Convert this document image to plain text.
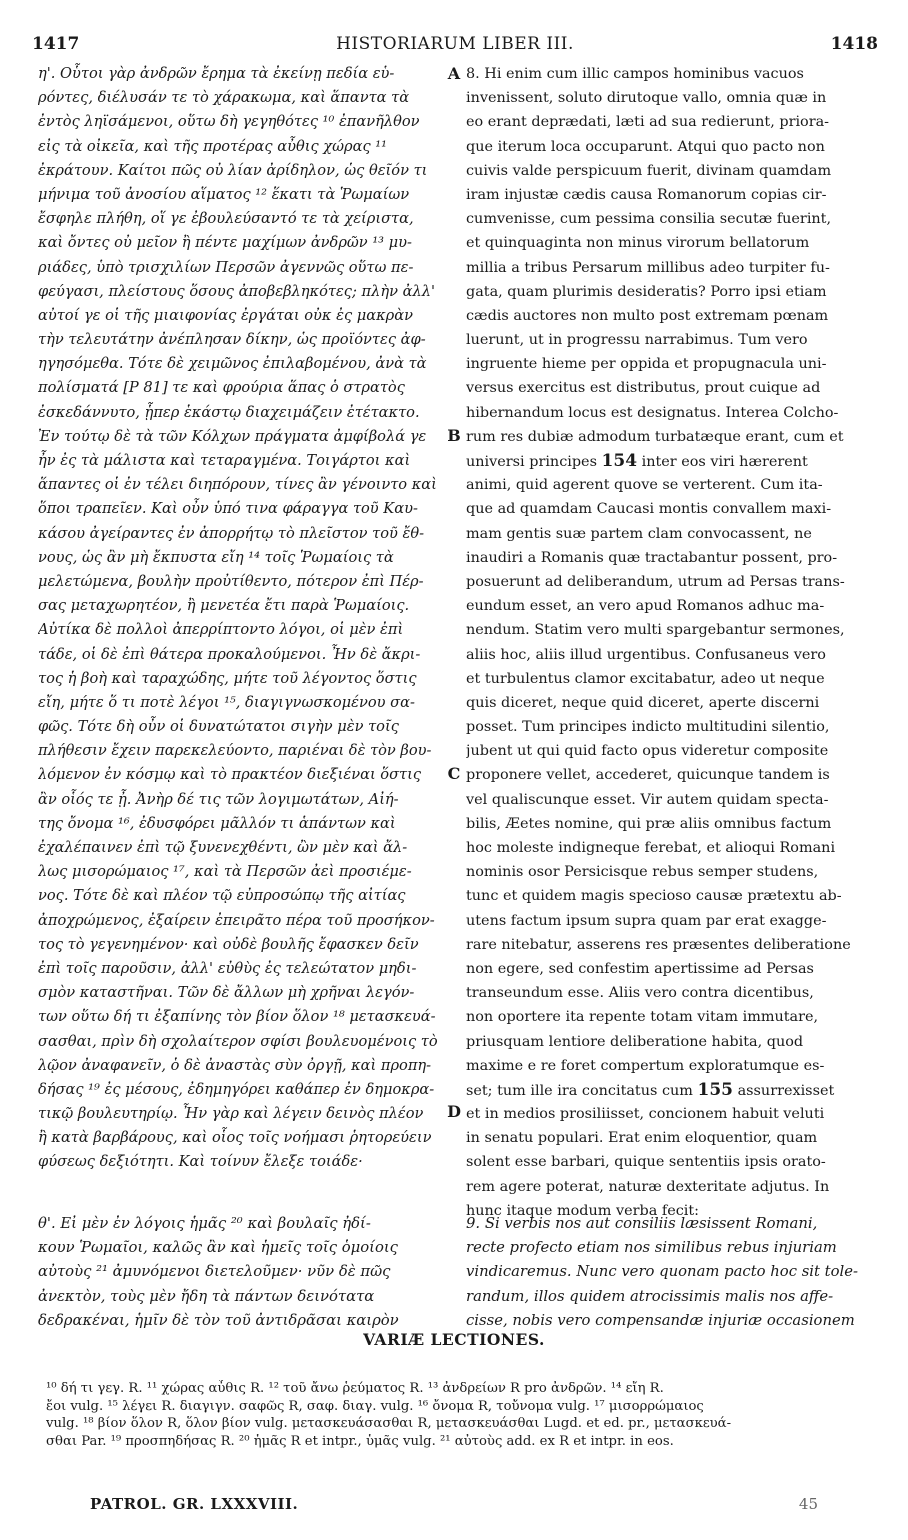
1417	HISTORIARUM LIBER III.	1418
η'. Οὗτοι γὰρ ἀνδρῶν ἔρημα τὰ ἐκείνῃ πεδία εὑ-
ρόντες, διέλυσάν τε τὸ χάρακωμα, καὶ ἅπαντα τὰ
ἐντὸς ληϊσάμενοι, οὕτω δὴ γεγηθότες ¹⁰ ἐπανῆλθον
εἰς τὰ οἰκεῖα, καὶ τῆς προτέρας αὖθις χώρας ¹¹
ἐκράτουν. Καίτοι πῶς οὐ λίαν ἀρίδηλον, ὡς θεῖόν τι
μήνιμα τοῦ ἀνοσίου αἵματος ¹² ἕκατι τὰ Ῥωμαίων
ἔσφηλε πλήθη, οἵ γε ἐβουλεύσαντό τε τὰ χείριστα,
καὶ ὄντες οὐ μεῖον ἢ πέντε μαχίμων ἀνδρῶν ¹³ μυ-
ριάδες, ὑπὸ τρισχιλίων Περσῶν ἀγεννῶς οὕτω πε-
φεύγασι, πλείστους ὅσους ἀποβεβληκότες; πλὴν ἀλλ'
αὐτοί γε οἱ τῆς μιαιφονίας ἐργάται οὐκ ἐς μακρὰν
τὴν τελευτάτην ἀνέπλησαν δίκην, ὡς προϊόντες ἀφ-
ηγησόμεθα. Τότε δὲ χειμῶνος ἐπιλαβομένου, ἀνὰ τὰ
πολίσματά [P 81] τε καὶ φρούρια ἅπας ὁ στρατὸς
ἐσκεδάννυτο, ᾗπερ ἑκάστῳ διαχειμάζειν ἐτέτακτο.
Ἐν τούτῳ δὲ τὰ τῶν Κόλχων πράγματα ἀμφίβολά γε
ἦν ἐς τὰ μάλιστα καὶ τεταραγμένα. Τοιγάρτοι καὶ
ἅπαντες οἱ ἐν τέλει διηπόρουν, τίνες ἂν γένοιντο καὶ
ὅποι τραπεῖεν. Καὶ οὖν ὑπό τινα φάραγγα τοῦ Καυ-
κάσου ἀγείραντες ἐν ἀπορρήτῳ τὸ πλεῖστον τοῦ ἔθ-
νους, ὡς ἂν μὴ ἔκπυστα εἴη ¹⁴ τοῖς Ῥωμαίοις τὰ
μελετώμενα, βουλὴν προὐτίθεντο, πότερον ἐπὶ Πέρ-
σας μεταχωρητέον, ἢ μενετέα ἔτι παρὰ Ῥωμαίοις.
Αὐτίκα δὲ πολλοὶ ἀπερρίπτοντο λόγοι, οἱ μὲν ἐπὶ
τάδε, οἱ δὲ ἐπὶ θάτερα προκαλούμενοι. Ἦν δὲ ἄκρι-
τος ἡ βοὴ καὶ ταραχώδης, μήτε τοῦ λέγοντος ὅστις
εἴη, μήτε ὅ τι ποτὲ λέγοι ¹⁵, διαγιγνωσκομένου σα-
φῶς. Τότε δὴ οὖν οἱ δυνατώτατοι σιγὴν μὲν τοῖς
πλήθεσιν ἔχειν παρεκελεύοντο, παριέναι δὲ τὸν βου-
λόμενον ἐν κόσμῳ καὶ τὸ πρακτέον διεξιέναι ὅστις
ἂν οἷός τε ᾖ. Ἀνὴρ δέ τις τῶν λογιμωτάτων, Αἰή-
της ὄνομα ¹⁶, ἐδυσφόρει μᾶλλόν τι ἁπάντων καὶ
ἐχαλέπαινεν ἐπὶ τῷ ξυνενεχθέντι, ὢν μὲν καὶ ἄλ-
λως μισορώμαιος ¹⁷, καὶ τὰ Περσῶν ἀεὶ προσιέμε-
νος. Τότε δὲ καὶ πλέον τῷ εὐπροσώπῳ τῆς αἰτίας
ἀποχρώμενος, ἐξαίρειν ἐπειρᾶτο πέρα τοῦ προσήκον-
τος τὸ γεγενημένον· καὶ οὐδὲ βουλῆς ἔφασκεν δεῖν
ἐπὶ τοῖς παροῦσιν, ἀλλ' εὐθὺς ἐς τελεώτατον μηδι-
σμὸν καταστῆναι. Τῶν δὲ ἄλλων μὴ χρῆναι λεγόν-
των οὕτω δή τι ἐξαπίνης τὸν βίον ὅλον ¹⁸ μετασκευά-
σασθαι, πρὶν δὴ σχολαίτερον σφίσι βουλευομένοις τὸ
λῷον ἀναφανεῖν, ὁ δὲ ἀναστὰς σὺν ὀργῇ, καὶ προπη-
δήσας ¹⁹ ἐς μέσους, ἐδημηγόρει καθάπερ ἐν δημοκρα-
τικῷ βουλευτηρίῳ. Ἦν γὰρ καὶ λέγειν δεινὸς πλέον
ἢ κατὰ βαρβάρους, καὶ οἷος τοῖς νοήμασι ῥητορεύειν
φύσεως δεξιότητι. Καὶ τοίνυν ἔλεξε τοιάδε·
8. Hi enim cum illic campos hominibus vacuos
invenissent, soluto dirutoque vallo, omnia quæ in
eo erant deprædati, læti ad sua redierunt, priora-
que iterum loca occuparunt. Atqui quo pacto non
cuivis valde perspicuum fuerit, divinam quamdam
iram injustæ cædis causa Romanorum copias cir-
cumvenisse, cum pessima consilia secutæ fuerint,
et quinquaginta non minus virorum bellatorum
millia a tribus Persarum millibus adeo turpiter fu-
gata, quam plurimis desideratis? Porro ipsi etiam
cædis auctores non multo post extremam pœnam
luerunt, ut in progressu narrabimus. Tum vero
ingruente hieme per oppida et propugnacula uni-
versus exercitus est distributus, prout cuique ad
hibernandum locus est designatus. Interea Colcho-
rum res dubiæ admodum turbatæque erant, cum et
universi principes 154 inter eos viri hærerent
animi, quid agerent quove se verterent. Cum ita-
que ad quamdam Caucasi montis convallem maxi-
mam gentis suæ partem clam convocassent, ne
inaudiri a Romanis quæ tractabantur possent, pro-
posuerunt ad deliberandum, utrum ad Persas trans-
eundum esset, an vero apud Romanos adhuc ma-
nendum. Statim vero multi spargebantur sermones,
aliis hoc, aliis illud urgentibus. Confusaneus vero
et turbulentus clamor excitabatur, adeo ut neque
quis diceret, neque quid diceret, aperte discerni
posset. Tum principes indicto multitudini silentio,
jubent ut qui quid facto opus videretur composite
proponere vellet, accederet, quicunque tandem is
vel qualiscunque esset. Vir autem quidam specta-
bilis, Æetes nomine, qui præ aliis omnibus factum
hoc moleste indigneque ferebat, et alioqui Romani
nominis osor Persicisque rebus semper studens,
tunc et quidem magis specioso causæ prætextu ab-
utens factum ipsum supra quam par erat exagge-
rare nitebatur, asserens res præsentes deliberatione
non egere, sed confestim apertissime ad Persas
transeundum esse. Aliis vero contra dicentibus,
non oportere ita repente totam vitam immutare,
priusquam lentiore deliberatione habita, quod
maxime e re foret compertum exploratumque es-
set; tum ille ira concitatus cum 155 assurrexisset
et in medios prosiliisset, concionem habuit veluti
in senatu populari. Erat enim eloquentior, quam
solent esse barbari, quique sententiis ipsis orato-
rem agere poterat, naturæ dexteritate adjutus. In
hunc itaque modum verba fecit:
A
B
C
D
θ'. Εἰ μὲν ἐν λόγοις ἡμᾶς ²⁰ καὶ βουλαῖς ἠδί-
κουν Ῥωμαῖοι, καλῶς ἂν καὶ ἡμεῖς τοῖς ὁμοίοις
αὐτοὺς ²¹ ἀμυνόμενοι διετελοῦμεν· νῦν δὲ πῶς
ἀνεκτὸν, τοὺς μὲν ἤδη τὰ πάντων δεινότατα
δεδρακέναι, ἡμῖν δὲ τὸν τοῦ ἀντιδρᾶσαι καιρὸν
9. Si verbis nos aut consiliis læsissent Romani,
recte profecto etiam nos similibus rebus injuriam
vindicaremus. Nunc vero quonam pacto hoc sit tole-
randum, illos quidem atrocissimis malis nos affe-
cisse, nobis vero compensandæ injuriæ occasionem
VARIÆ LECTIONES.
¹⁰ δή τι γεγ. R. ¹¹ χώρας αὖθις R. ¹² τοῦ ἄνω ῥεύματος R. ¹³ ἀνδρείων R pro ἀνδρῶν. ¹⁴ εἴη R.
ἔοι vulg. ¹⁵ λέγει R. διαγιγν. σαφῶς R, σαφ. διαγ. vulg. ¹⁶ ὄνομα R, τοὔνομα vulg. ¹⁷ μισορρώμαιος
vulg. ¹⁸ βίον ὅλον R, ὅλον βίον vulg. μετασκευάσασθαι R, μετασκευάσθαι Lugd. et ed. pr., μετασκευά-
σθαι Par. ¹⁹ προσπηδήσας R. ²⁰ ἡμᾶς R et intpr., ὑμᾶς vulg. ²¹ αὐτοὺς add. ex R et intpr. in eos.
PATROL. GR. LXXXVIII.	45
